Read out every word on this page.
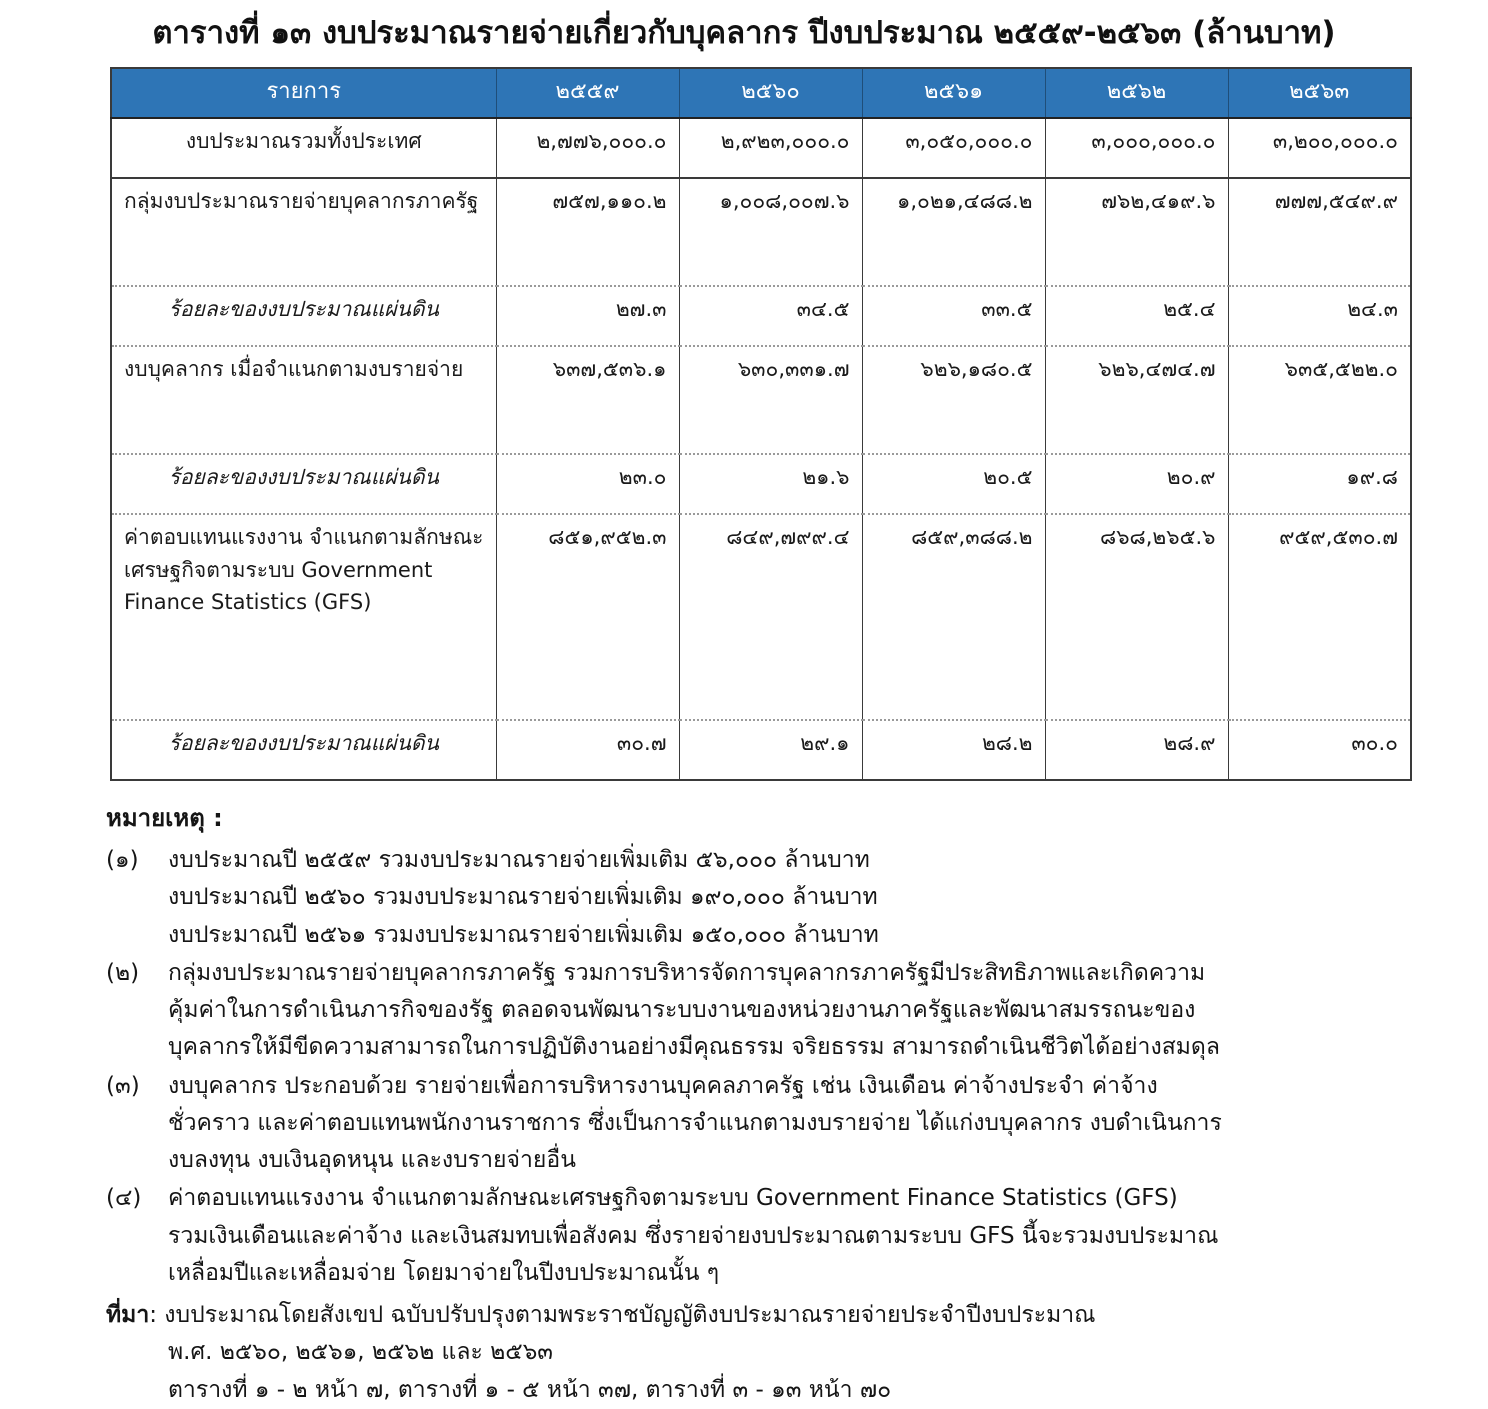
ตารางที่ ๑๓ งบประมาณรายจ่ายเกี่ยวกับบุคลากร ปีงบประมาณ ๒๕๕๙-๒๕๖๓ (ล้านบาท)
รายการ	๒๕๕๙	๒๕๖๐	๒๕๖๑	๒๕๖๒	๒๕๖๓
งบประมาณรวมทั้งประเทศ	๒,๗๗๖,๐๐๐.๐	๒,๙๒๓,๐๐๐.๐	๓,๐๕๐,๐๐๐.๐	๓,๐๐๐,๐๐๐.๐	๓,๒๐๐,๐๐๐.๐
กลุ่มงบประมาณรายจ่ายบุคลากรภาครัฐ	๗๕๗,๑๑๐.๒	๑,๐๐๘,๐๐๗.๖	๑,๐๒๑,๔๘๘.๒	๗๖๒,๔๑๙.๖	๗๗๗,๕๔๙.๙
ร้อยละของงบประมาณแผ่นดิน	๒๗.๓	๓๔.๕	๓๓.๕	๒๕.๔	๒๔.๓
งบบุคลากร เมื่อจำแนกตามงบรายจ่าย	๖๓๗,๕๓๖.๑	๖๓๐,๓๓๑.๗	๖๒๖,๑๘๐.๕	๖๒๖,๔๗๔.๗	๖๓๕,๕๒๒.๐
ร้อยละของงบประมาณแผ่นดิน	๒๓.๐	๒๑.๖	๒๐.๕	๒๐.๙	๑๙.๘
ค่าตอบแทนแรงงาน จำแนกตามลักษณะเศรษฐกิจตามระบบ Government Finance Statistics (GFS)	๘๕๑,๙๕๒.๓	๘๔๙,๗๙๙.๔	๘๕๙,๓๘๘.๒	๘๖๘,๒๖๕.๖	๙๕๙,๕๓๐.๗
ร้อยละของงบประมาณแผ่นดิน	๓๐.๗	๒๙.๑	๒๘.๒	๒๘.๙	๓๐.๐
หมายเหตุ :
(๑)	งบประมาณปี ๒๕๕๙ รวมงบประมาณรายจ่ายเพิ่มเติม ๕๖,๐๐๐ ล้านบาท
งบประมาณปี ๒๕๖๐ รวมงบประมาณรายจ่ายเพิ่มเติม ๑๙๐,๐๐๐ ล้านบาท
งบประมาณปี ๒๕๖๑ รวมงบประมาณรายจ่ายเพิ่มเติม ๑๕๐,๐๐๐ ล้านบาท
(๒)	กลุ่มงบประมาณรายจ่ายบุคลากรภาครัฐ รวมการบริหารจัดการบุคลากรภาครัฐมีประสิทธิภาพและเกิดความ
คุ้มค่าในการดำเนินภารกิจของรัฐ ตลอดจนพัฒนาระบบงานของหน่วยงานภาครัฐและพัฒนาสมรรถนะของ
บุคลากรให้มีขีดความสามารถในการปฏิบัติงานอย่างมีคุณธรรม จริยธรรม สามารถดำเนินชีวิตได้อย่างสมดุล
(๓)	งบบุคลากร ประกอบด้วย รายจ่ายเพื่อการบริหารงานบุคคลภาครัฐ เช่น เงินเดือน ค่าจ้างประจำ ค่าจ้าง
ชั่วคราว และค่าตอบแทนพนักงานราชการ ซึ่งเป็นการจำแนกตามงบรายจ่าย ได้แก่งบบุคลากร งบดำเนินการ
งบลงทุน งบเงินอุดหนุน และงบรายจ่ายอื่น
(๔)	ค่าตอบแทนแรงงาน จำแนกตามลักษณะเศรษฐกิจตามระบบ Government Finance Statistics (GFS)
รวมเงินเดือนและค่าจ้าง และเงินสมทบเพื่อสังคม ซึ่งรายจ่ายงบประมาณตามระบบ GFS นี้จะรวมงบประมาณ
เหลื่อมปีและเหลื่อมจ่าย โดยมาจ่ายในปีงบประมาณนั้น ๆ
ที่มา: งบประมาณโดยสังเขป ฉบับปรับปรุงตามพระราชบัญญัติงบประมาณรายจ่ายประจำปีงบประมาณ
พ.ศ. ๒๕๖๐, ๒๕๖๑, ๒๕๖๒ และ ๒๕๖๓
ตารางที่ ๑ - ๒ หน้า ๗, ตารางที่ ๑ - ๕ หน้า ๓๗, ตารางที่ ๓ - ๑๓ หน้า ๗๐
